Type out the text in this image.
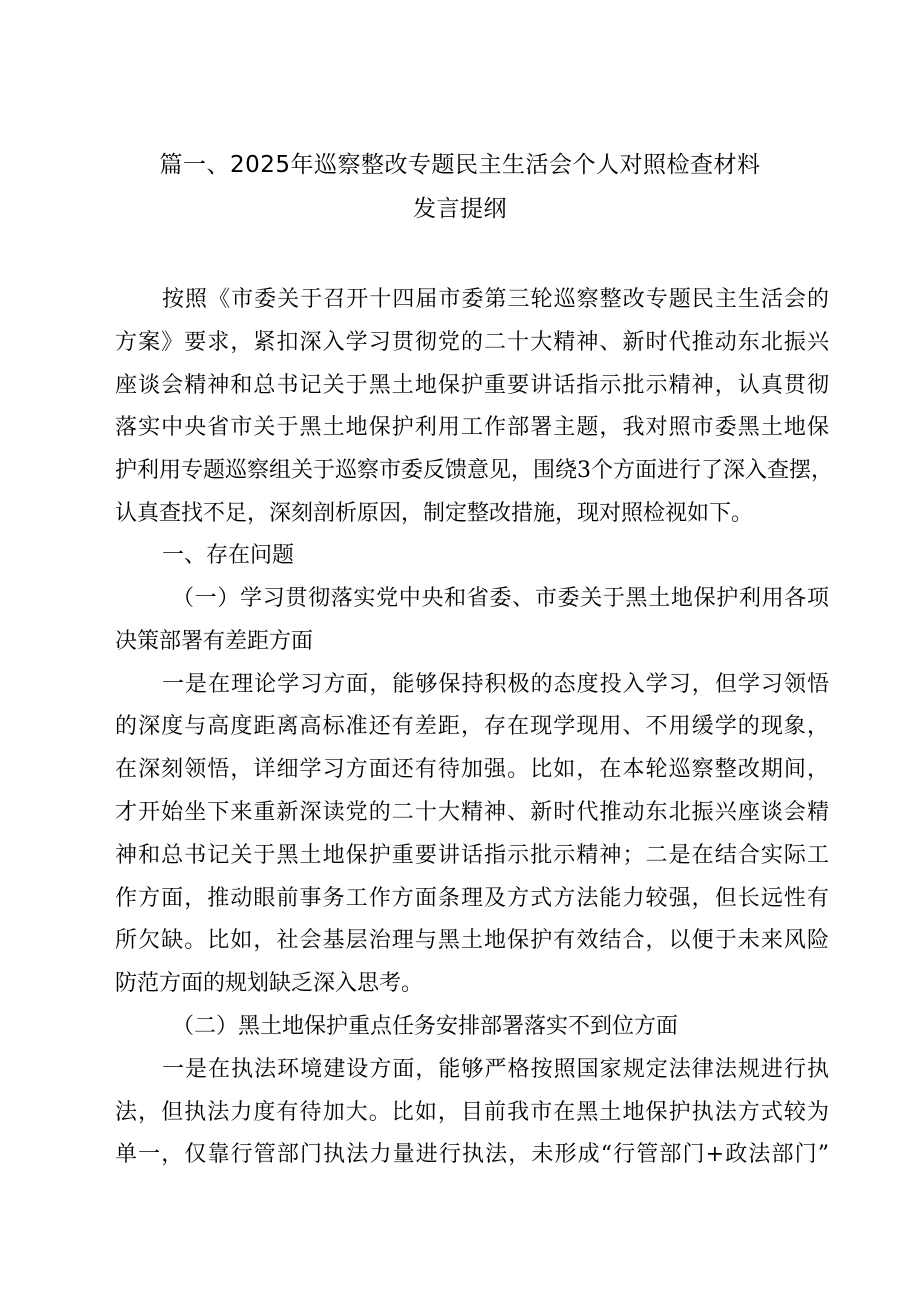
篇一、2025年巡察整改专题民主生活会个人对照检查材料
发言提纲
按照《市委关于召开十四届市委第三轮巡察整改专题民主生活会的
方案》要求，紧扣深入学习贯彻党的二十大精神、新时代推动东北振兴
座谈会精神和总书记关于黑土地保护重要讲话指示批示精神，认真贯彻
落实中央省市关于黑土地保护利用工作部署主题，我对照市委黑土地保
护利用专题巡察组关于巡察市委反馈意见，围绕3个方面进行了深入查摆，
认真查找不足，深刻剖析原因，制定整改措施，现对照检视如下。
一、存在问题
（一）学习贯彻落实党中央和省委、市委关于黑土地保护利用各项
决策部署有差距方面
一是在理论学习方面，能够保持积极的态度投入学习，但学习领悟
的深度与高度距离高标准还有差距，存在现学现用、不用缓学的现象，
在深刻领悟，详细学习方面还有待加强。比如，在本轮巡察整改期间，
才开始坐下来重新深读党的二十大精神、新时代推动东北振兴座谈会精
神和总书记关于黑土地保护重要讲话指示批示精神；二是在结合实际工
作方面，推动眼前事务工作方面条理及方式方法能力较强，但长远性有
所欠缺。比如，社会基层治理与黑土地保护有效结合，以便于未来风险
防范方面的规划缺乏深入思考。
（二）黑土地保护重点任务安排部署落实不到位方面
一是在执法环境建设方面，能够严格按照国家规定法律法规进行执
法，但执法力度有待加大。比如，目前我市在黑土地保护执法方式较为
单一，仅靠行管部门执法力量进行执法，未形成“行管部门+政法部门”
